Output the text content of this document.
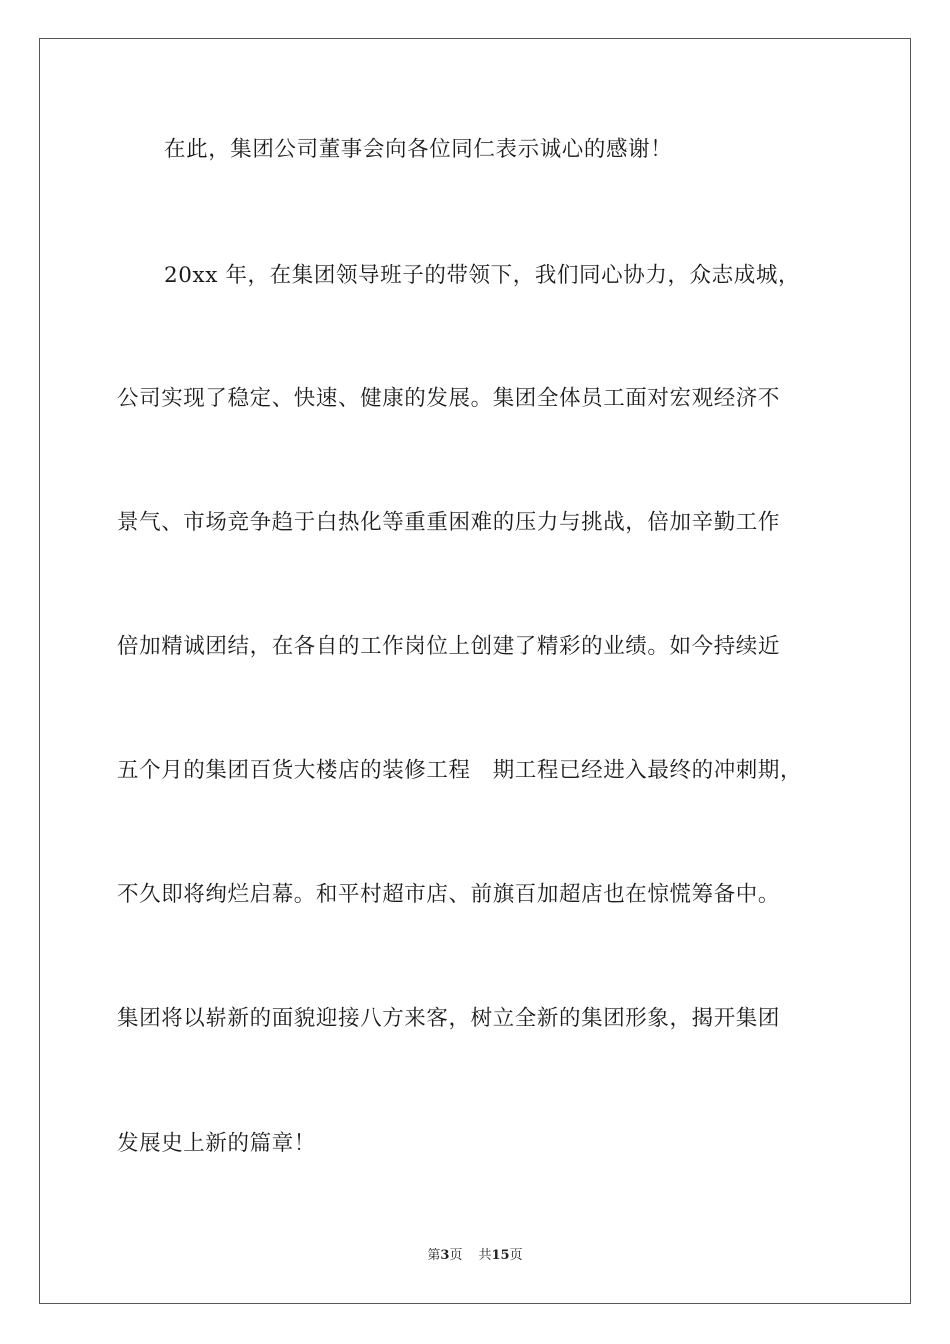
在此，集团公司董事会向各位同仁表示诚心的感谢！
20xx 年，在集团领导班子的带领下，我们同心协力，众志成城，
公司实现了稳定、快速、健康的发展。集团全体员工面对宏观经济不
景气、市场竞争趋于白热化等重重困难的压力与挑战，倍加辛勤工作
倍加精诚团结，在各自的工作岗位上创建了精彩的业绩。如今持续近
五个月的集团百货大楼店的装修工程　期工程已经进入最终的冲刺期，
不久即将绚烂启幕。和平村超市店、前旗百加超店也在惊慌筹备中。
集团将以崭新的面貌迎接八方来客，树立全新的集团形象，揭开集团
发展史上新的篇章！
第3页 共15页
